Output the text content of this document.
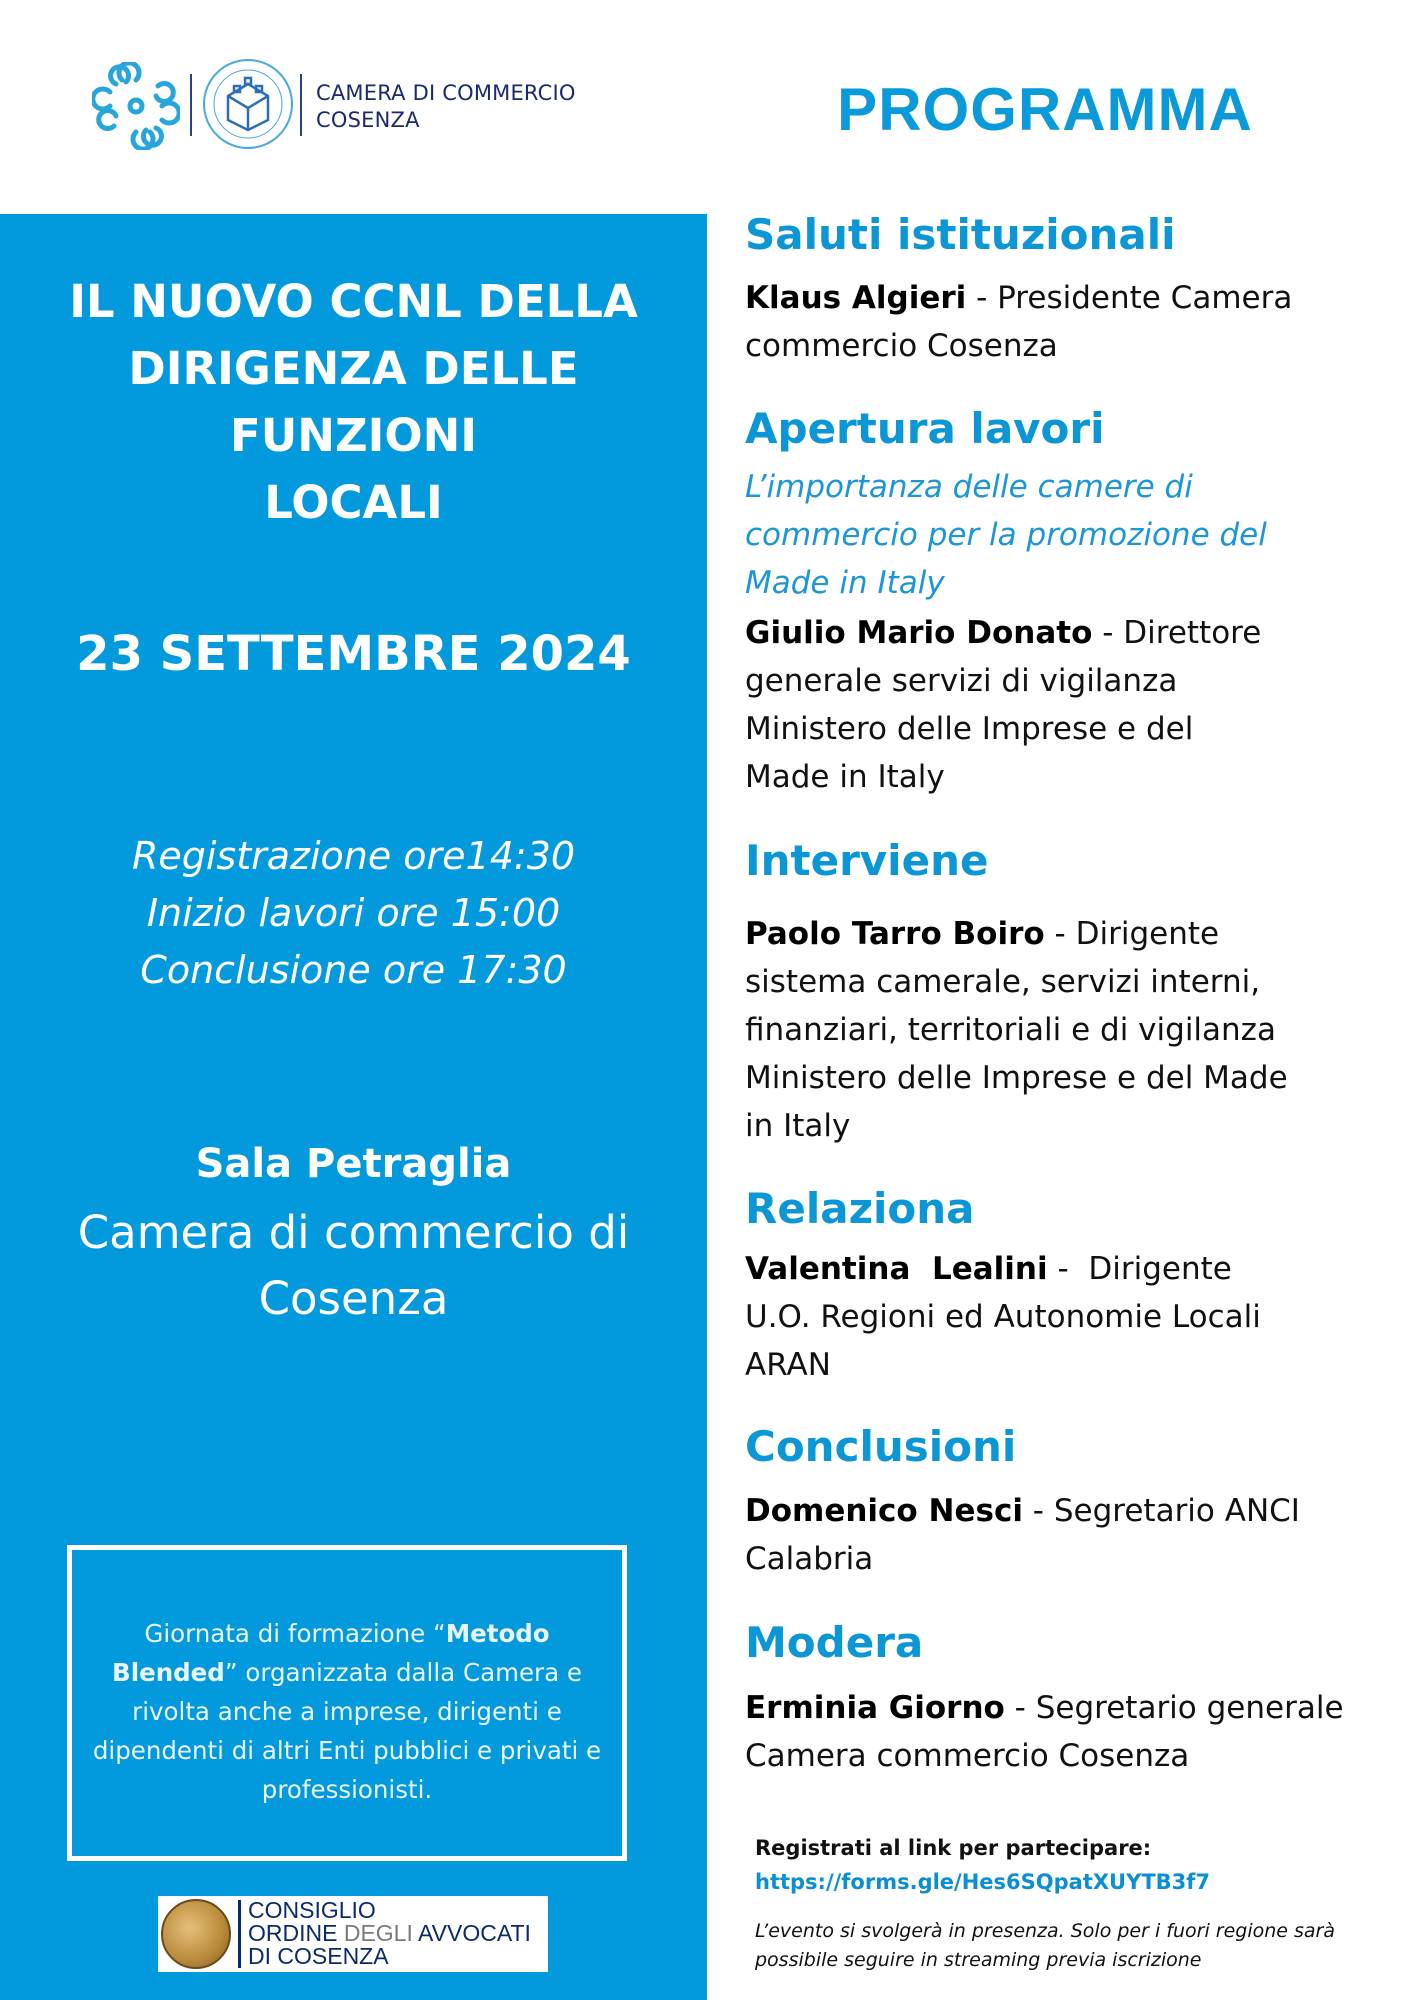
CAMERA DI COMMERCIO
COSENZA	PROGRAMMA
IL NUOVO CCNL DELLA
DIRIGENZA DELLE FUNZIONI
LOCALI
23 SETTEMBRE 2024
Registrazione ore14:30
Inizio lavori ore 15:00
Conclusione ore 17:30
Sala Petraglia
Camera di commercio di
Cosenza
Giornata di formazione “Metodo Blended” organizzata dalla Camera e rivolta anche a imprese, dirigenti e dipendenti di altri Enti pubblici e privati e professionisti.
CONSIGLIO
ORDINE DEGLI AVVOCATI
DI COSENZA
Saluti istituzionali
Klaus Algieri - Presidente Camera
commercio Cosenza
Apertura lavori
L’importanza delle camere di
commercio per la promozione del
Made in Italy
Giulio Mario Donato - Direttore
generale servizi di vigilanza
Ministero delle Imprese e del
Made in Italy
Interviene
Paolo Tarro Boiro - Dirigente
sistema camerale, servizi interni,
finanziari, territoriali e di vigilanza
Ministero delle Imprese e del Made
in Italy
Relaziona
Valentina  Lealini -  Dirigente
U.O. Regioni ed Autonomie Locali
ARAN
Conclusioni
Domenico Nesci - Segretario ANCI
Calabria
Modera
Erminia Giorno - Segretario generale
Camera commercio Cosenza
Registrati al link per partecipare:
https://forms.gle/Hes6SQpatXUYTB3f7
L’evento si svolgerà in presenza. Solo per i fuori regione sarà possibile seguire in streaming previa iscrizione
